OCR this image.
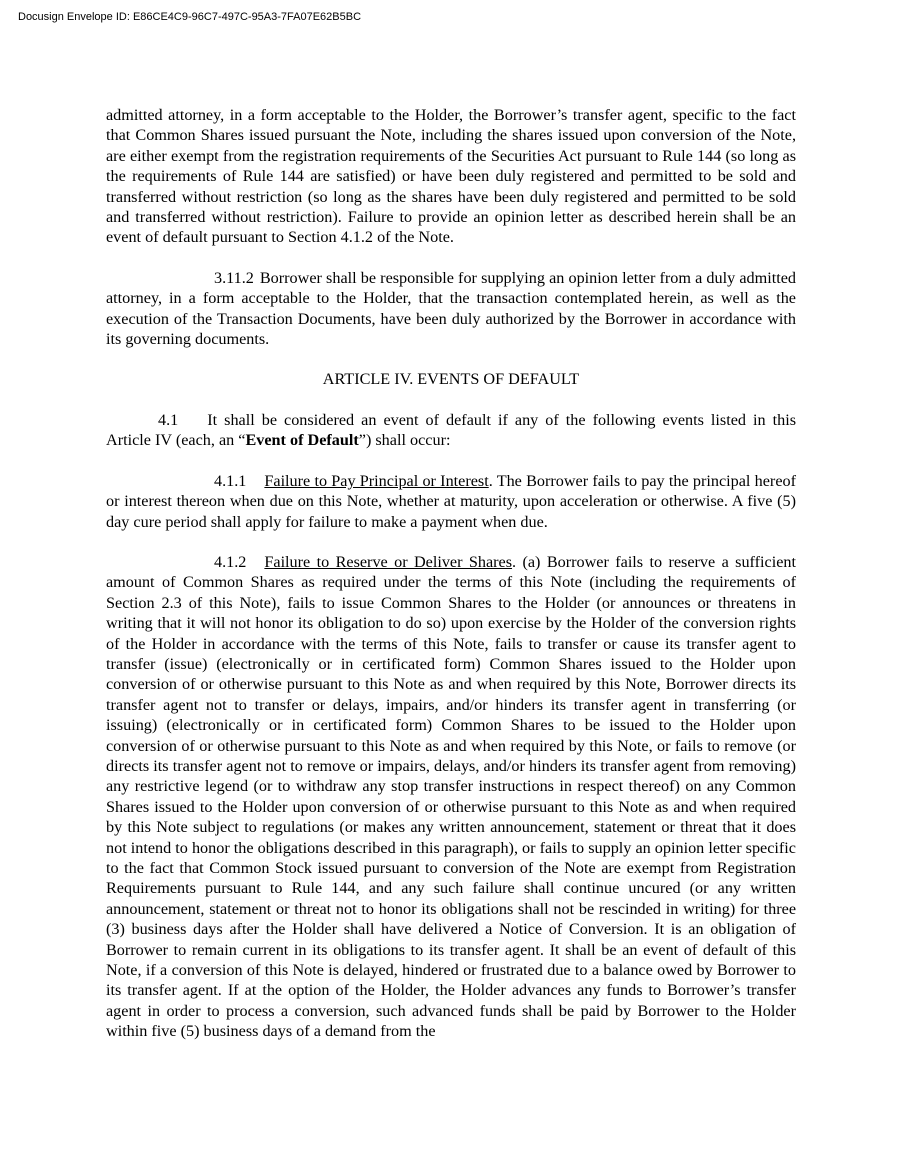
Docusign Envelope ID: E86CE4C9-96C7-497C-95A3-7FA07E62B5BC

admitted attorney, in a form acceptable to the Holder, the Borrower’s transfer agent, specific to the fact that Common Shares issued pursuant the Note, including the shares issued upon conversion of the Note, are either exempt from the registration requirements of the Securities Act pursuant to Rule 144 (so long as the requirements of Rule 144 are satisfied) or have been duly registered and permitted to be sold and transferred without restriction (so long as the shares have been duly registered and permitted to be sold and transferred without restriction). Failure to provide an opinion letter as described herein shall be an event of default pursuant to Section 4.1.2 of the Note.

3.11.2 Borrower shall be responsible for supplying an opinion letter from a duly admitted attorney, in a form acceptable to the Holder, that the transaction contemplated herein, as well as the execution of the Transaction Documents, have been duly authorized by the Borrower in accordance with its governing documents.

ARTICLE IV. EVENTS OF DEFAULT

4.1 It shall be considered an event of default if any of the following events listed in this Article IV (each, an “Event of Default”) shall occur:

4.1.1 Failure to Pay Principal or Interest. The Borrower fails to pay the principal hereof or interest thereon when due on this Note, whether at maturity, upon acceleration or otherwise. A five (5) day cure period shall apply for failure to make a payment when due.

4.1.2 Failure to Reserve or Deliver Shares. (a) Borrower fails to reserve a sufficient amount of Common Shares as required under the terms of this Note (including the requirements of Section 2.3 of this Note), fails to issue Common Shares to the Holder (or announces or threatens in writing that it will not honor its obligation to do so) upon exercise by the Holder of the conversion rights of the Holder in accordance with the terms of this Note, fails to transfer or cause its transfer agent to transfer (issue) (electronically or in certificated form) Common Shares issued to the Holder upon conversion of or otherwise pursuant to this Note as and when required by this Note, Borrower directs its transfer agent not to transfer or delays, impairs, and/or hinders its transfer agent in transferring (or issuing) (electronically or in certificated form) Common Shares to be issued to the Holder upon conversion of or otherwise pursuant to this Note as and when required by this Note, or fails to remove (or directs its transfer agent not to remove or impairs, delays, and/or hinders its transfer agent from removing) any restrictive legend (or to withdraw any stop transfer instructions in respect thereof) on any Common Shares issued to the Holder upon conversion of or otherwise pursuant to this Note as and when required by this Note subject to regulations (or makes any written announcement, statement or threat that it does not intend to honor the obligations described in this paragraph), or fails to supply an opinion letter specific to the fact that Common Stock issued pursuant to conversion of the Note are exempt from Registration Requirements pursuant to Rule 144, and any such failure shall continue uncured (or any written announcement, statement or threat not to honor its obligations shall not be rescinded in writing) for three (3) business days after the Holder shall have delivered a Notice of Conversion. It is an obligation of Borrower to remain current in its obligations to its transfer agent. It shall be an event of default of this Note, if a conversion of this Note is delayed, hindered or frustrated due to a balance owed by Borrower to its transfer agent. If at the option of the Holder, the Holder advances any funds to Borrower’s transfer agent in order to process a conversion, such advanced funds shall be paid by Borrower to the Holder within five (5) business days of a demand from the
